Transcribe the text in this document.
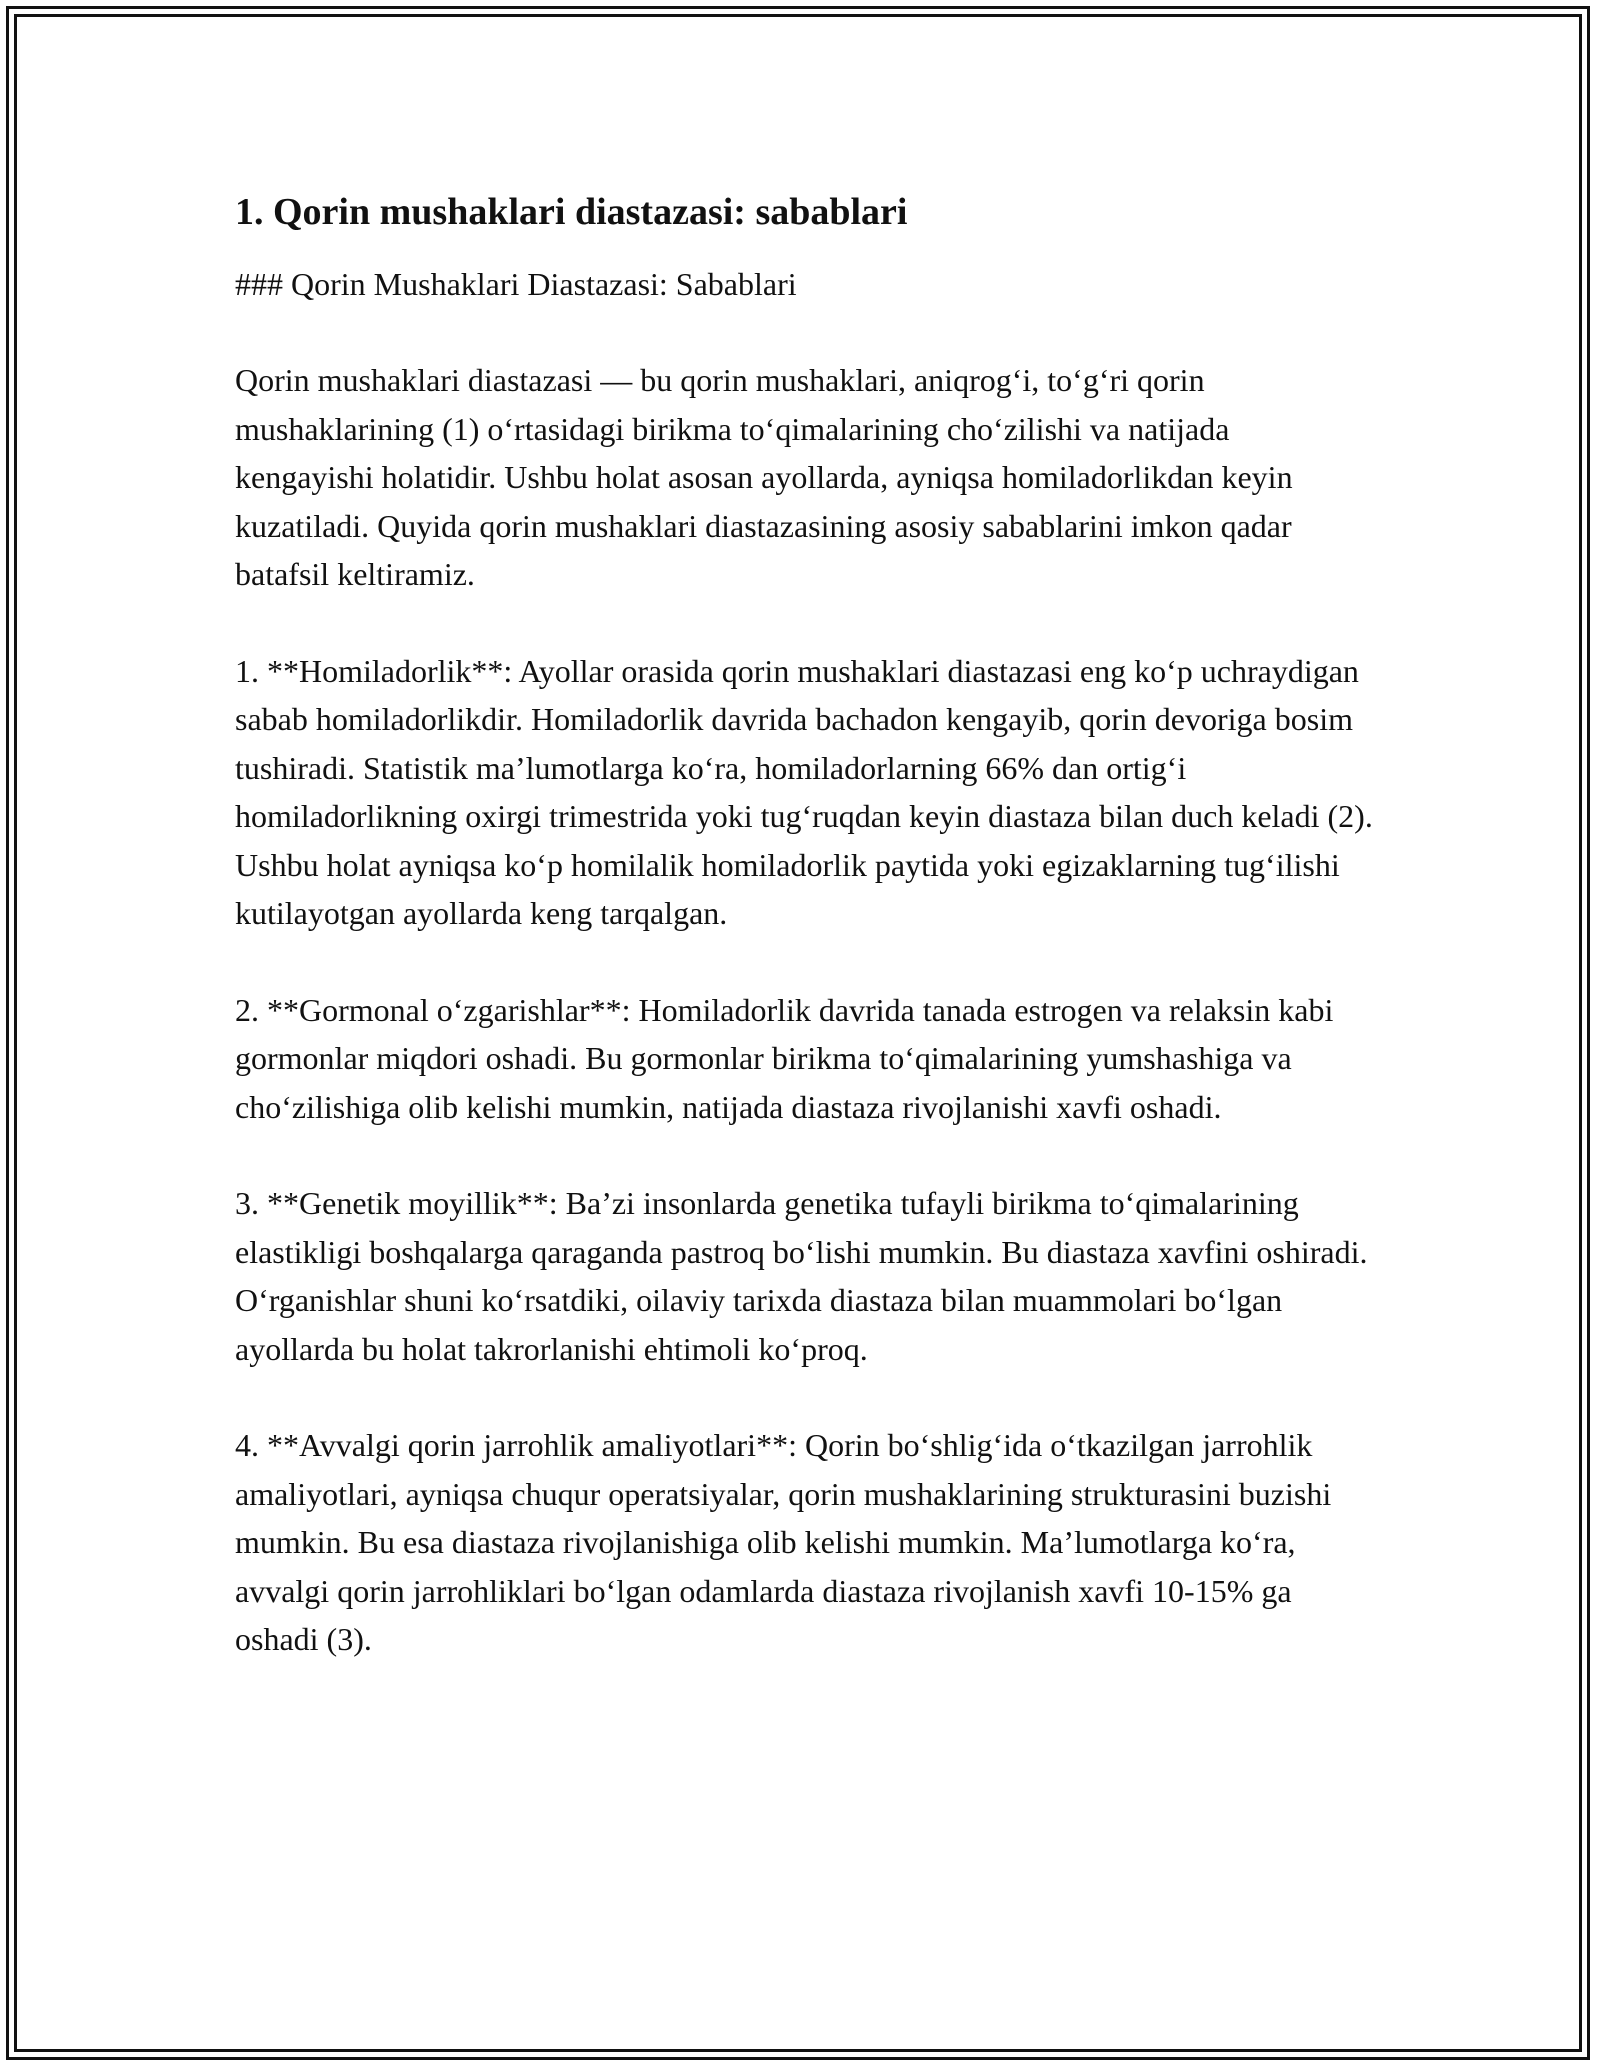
1. Qorin mushaklari diastazasi: sabablari
### Qorin Mushaklari Diastazasi: Sabablari

Qorin mushaklari diastazasi — bu qorin mushaklari, aniqrog‘i, to‘g‘ri qorin mushaklarining (1) o‘rtasidagi birikma to‘qimalarining cho‘zilishi va natijada kengayishi holatidir. Ushbu holat asosan ayollarda, ayniqsa homiladorlikdan keyin kuzatiladi. Quyida qorin mushaklari diastazasining asosiy sabablarini imkon qadar batafsil keltiramiz.

1. **Homiladorlik**: Ayollar orasida qorin mushaklari diastazasi eng ko‘p uchraydigan sabab homiladorlikdir. Homiladorlik davrida bachadon kengayib, qorin devoriga bosim tushiradi. Statistik ma’lumotlarga ko‘ra, homiladorlarning 66% dan ortig‘i homiladorlikning oxirgi trimestrida yoki tug‘ruqdan keyin diastaza bilan duch keladi (2). Ushbu holat ayniqsa ko‘p homilalik homiladorlik paytida yoki egizaklarning tug‘ilishi kutilayotgan ayollarda keng tarqalgan.

2. **Gormonal o‘zgarishlar**: Homiladorlik davrida tanada estrogen va relaksin kabi gormonlar miqdori oshadi. Bu gormonlar birikma to‘qimalarining yumshashiga va cho‘zilishiga olib kelishi mumkin, natijada diastaza rivojlanishi xavfi oshadi.

3. **Genetik moyillik**: Ba’zi insonlarda genetika tufayli birikma to‘qimalarining elastikligi boshqalarga qaraganda pastroq bo‘lishi mumkin. Bu diastaza xavfini oshiradi. O‘rganishlar shuni ko‘rsatdiki, oilaviy tarixda diastaza bilan muammolari bo‘lgan ayollarda bu holat takrorlanishi ehtimoli ko‘proq.

4. **Avvalgi qorin jarrohlik amaliyotlari**: Qorin bo‘shlig‘ida o‘tkazilgan jarrohlik amaliyotlari, ayniqsa chuqur operatsiyalar, qorin mushaklarining strukturasini buzishi mumkin. Bu esa diastaza rivojlanishiga olib kelishi mumkin. Ma’lumotlarga ko‘ra, avvalgi qorin jarrohliklari bo‘lgan odamlarda diastaza rivojlanish xavfi 10-15% ga oshadi (3).
